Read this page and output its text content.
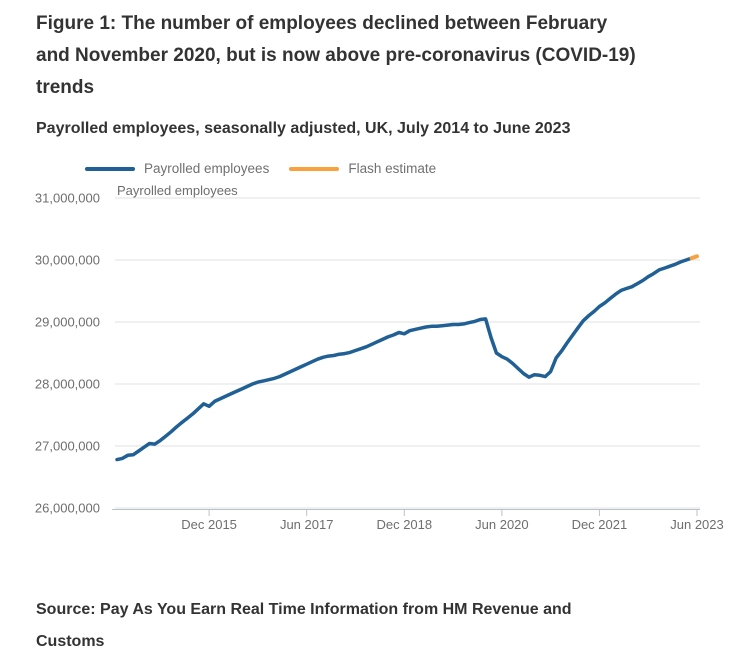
Figure 1: The number of employees declined between February
and November 2020, but is now above pre-coronavirus (COVID-19)
trends
Payrolled employees, seasonally adjusted, UK, July 2014 to June 2023
Payrolled employees	Flash estimate
26,000,000
27,000,000
28,000,000
29,000,000
30,000,000
31,000,000 Payrolled employees
Dec 2015	Jun 2017	Dec 2018	Jun 2020	Dec 2021	Jun 2023
Source: Pay As You Earn Real Time Information from HM Revenue and
Customs
